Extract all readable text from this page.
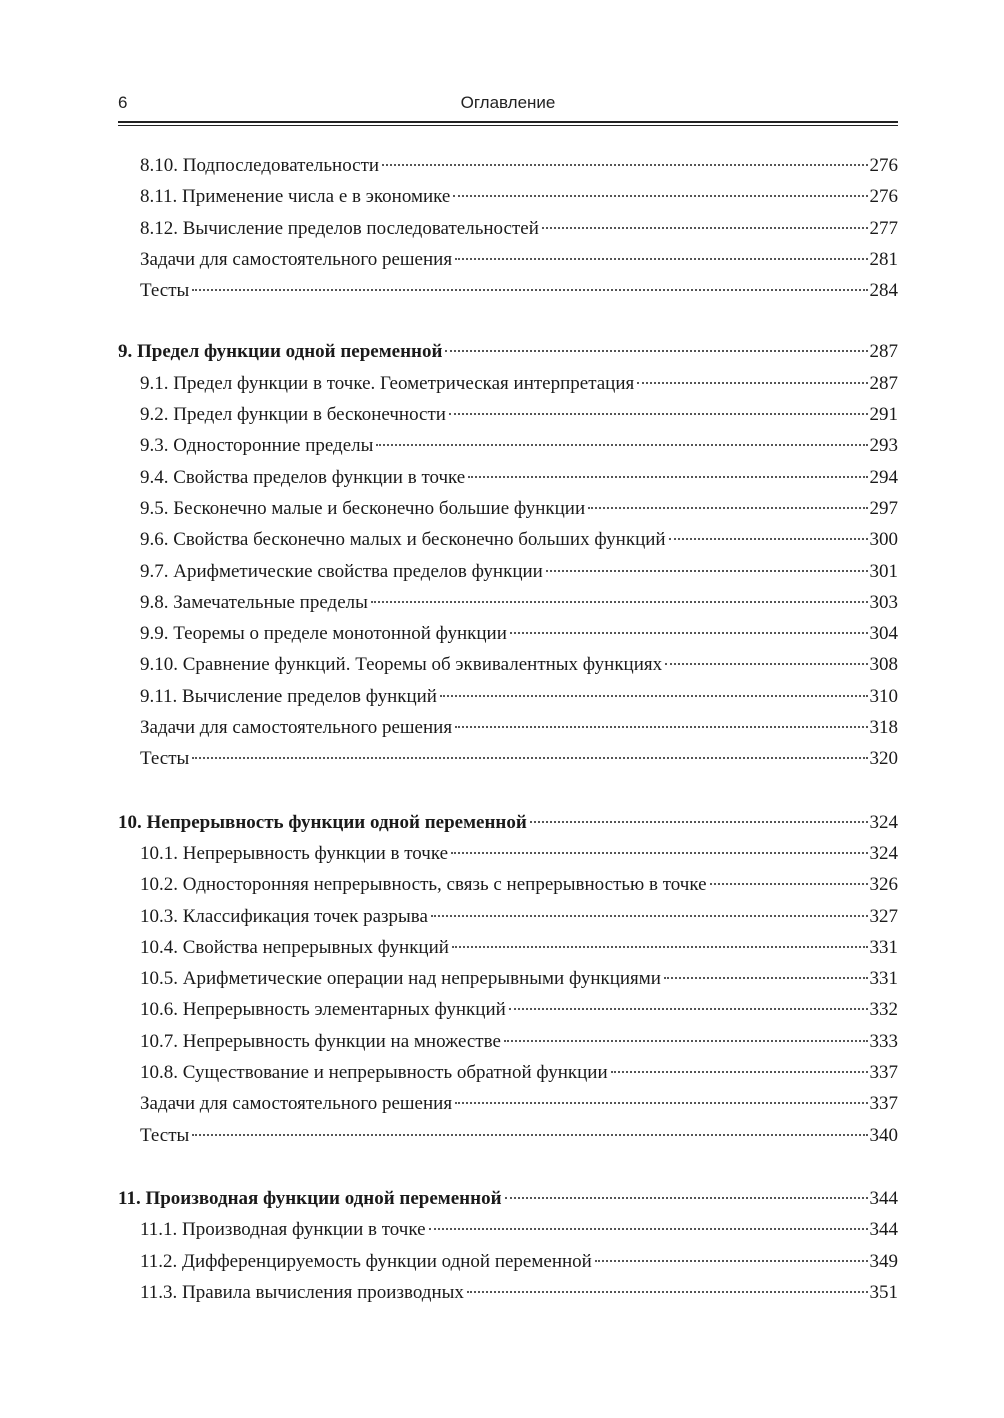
6	Оглавление
8.10. Подпоследовательности	276
8.11. Применение числа е в экономике	276
8.12. Вычисление пределов последовательностей	277
Задачи для самостоятельного решения	281
Тесты	284
9. Предел функции одной переменной	287
9.1. Предел функции в точке. Геометрическая интерпретация	287
9.2. Предел функции в бесконечности	291
9.3. Односторонние пределы	293
9.4. Свойства пределов функции в точке	294
9.5. Бесконечно малые и бесконечно большие функции	297
9.6. Свойства бесконечно малых и бесконечно больших функций	300
9.7. Арифметические свойства пределов функции	301
9.8. Замечательные пределы	303
9.9. Теоремы о пределе монотонной функции	304
9.10. Сравнение функций. Теоремы об эквивалентных функциях	308
9.11. Вычисление пределов функций	310
Задачи для самостоятельного решения	318
Тесты	320
10. Непрерывность функции одной переменной	324
10.1. Непрерывность функции в точке	324
10.2. Односторонняя непрерывность, связь с непрерывностью в точке	326
10.3. Классификация точек разрыва	327
10.4. Свойства непрерывных функций	331
10.5. Арифметические операции над непрерывными функциями	331
10.6. Непрерывность элементарных функций	332
10.7. Непрерывность функции на множестве	333
10.8. Существование и непрерывность обратной функции	337
Задачи для самостоятельного решения	337
Тесты	340
11. Производная функции одной переменной	344
11.1. Производная функции в точке	344
11.2. Дифференцируемость функции одной переменной	349
11.3. Правила вычисления производных	351
